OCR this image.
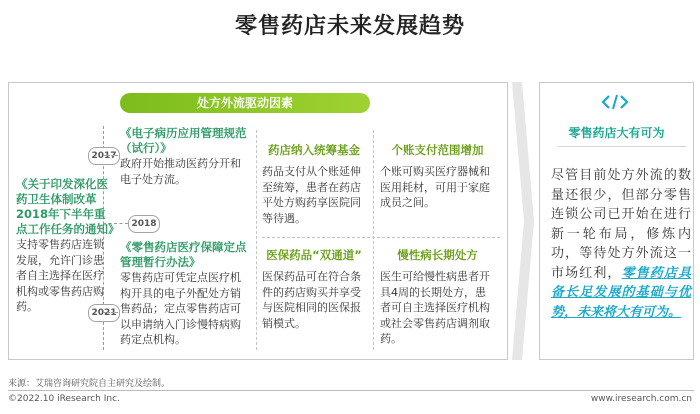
零售药店未来发展趋势
处方外流驱动因素
2017
2018
2021
《电子病历应用管理规范（试行）》
政府开始推动医药分开和电子处方流。
《关于印发深化医药卫生体制改革2018年下半年重点工作任务的通知》
支持零售药店连锁发展，允许门诊患者自主选择在医疗机构或零售药店购药。
《零售药店医疗保障定点管理暂行办法》
零售药店可凭定点医疗机构开具的电子外配处方销售药品；定点零售药店可以申请纳入门诊慢特病购药定点机构。
药店纳入统筹基金
药品支付从个账延伸至统筹，患者在药店平处方购药享医院同等待遇。
个账支付范围增加
个账可购买医疗器械和医用耗材，可用于家庭成员之间。
医保药品“双通道”
医保药品可在符合条件的药店购买并享受与医院相同的医保报销模式。
慢性病长期处方
医生可给慢性病患者开具4周的长期处方，患者可自主选择医疗机构或社会零售药店调剂取药。
零售药店大有可为
尽管目前处方外流的数量还很少，但部分零售连锁公司已开始在进行新一轮布局，修炼内功，等待处方外流这一市场红利，零售药店具备长足发展的基础与优势，未来将大有可为。
来源：艾瑞咨询研究院自主研究及绘制。
©2022.10 iResearch Inc.	www.iresearch.com.cn
